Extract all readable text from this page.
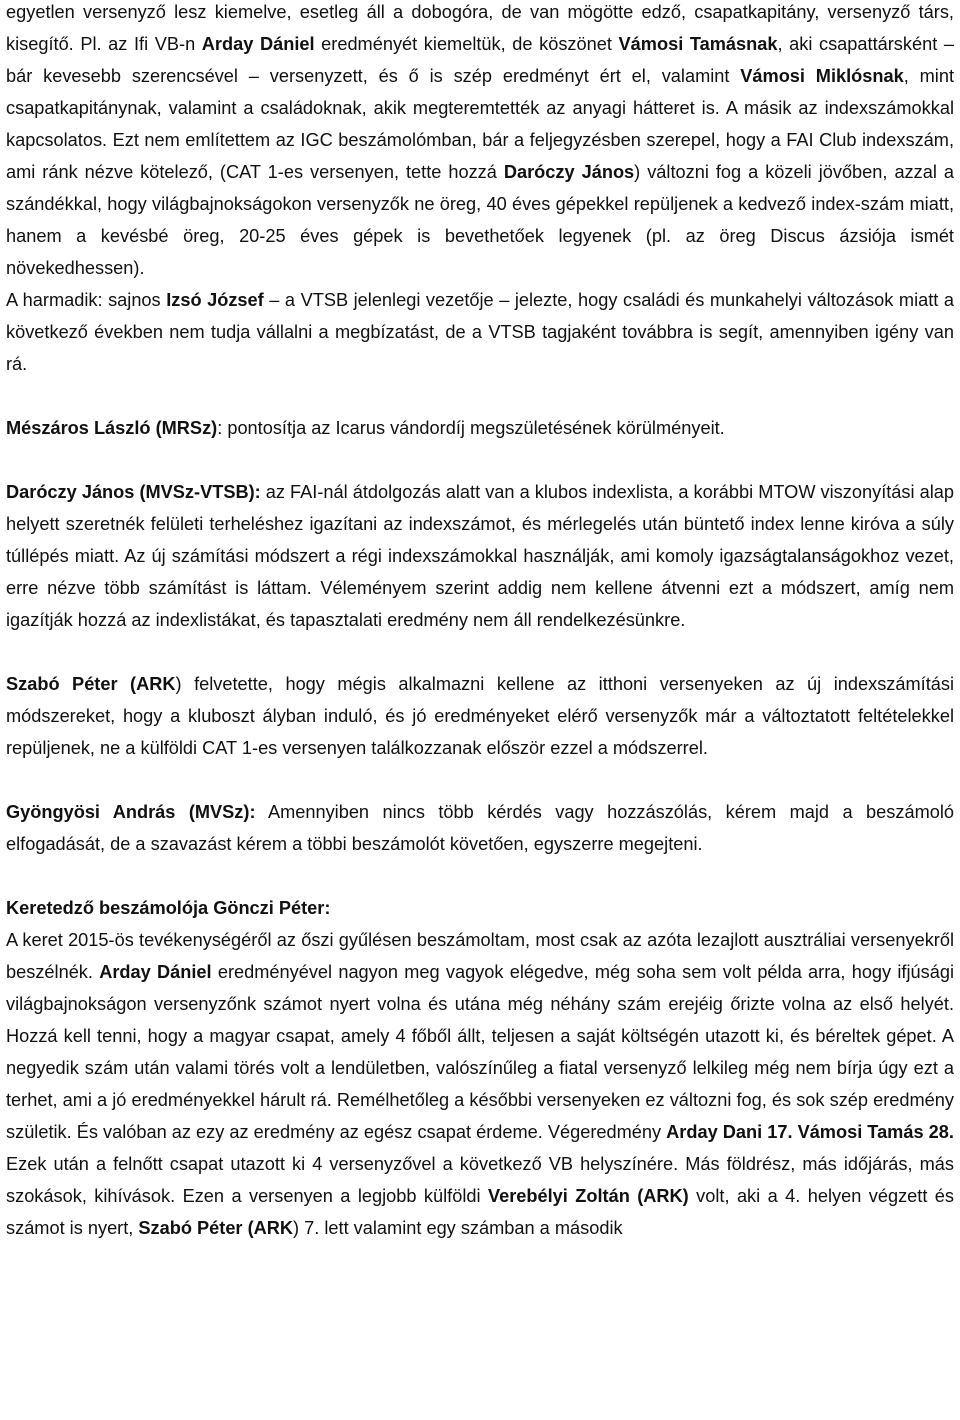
egyetlen versenyző lesz kiemelve, esetleg áll a dobogóra, de van mögötte edző, csapatkapitány, versenyző társ, kisegítő. Pl. az Ifi VB-n Arday Dániel eredményét kiemeltük, de köszönet Vámosi Tamásnak, aki csapattársként – bár kevesebb szerencsével – versenyzett, és ő is szép eredményt ért el, valamint Vámosi Miklósnak, mint csapatkapitánynak, valamint a családoknak, akik megteremtették az anyagi hátteret is. A másik az indexszámokkal kapcsolatos. Ezt nem említettem az IGC beszámolómban, bár a feljegyzésben szerepel, hogy a FAI Club indexszám, ami ránk nézve kötelező, (CAT 1-es versenyen, tette hozzá Daróczy János) változni fog a közeli jövőben, azzal a szándékkal, hogy világbajnokságokon versenyzők ne öreg, 40 éves gépekkel repüljenek a kedvező index-szám miatt, hanem a kevésbé öreg, 20-25 éves gépek is bevethetőek legyenek (pl. az öreg Discus ázsiója ismét növekedhessen).

A harmadik: sajnos Izsó József – a VTSB jelenlegi vezetője – jelezte, hogy családi és munkahelyi változások miatt a következő években nem tudja vállalni a megbízatást, de a VTSB tagjaként továbbra is segít, amennyiben igény van rá.

Mészáros László (MRSz): pontosítja az Icarus vándordíj megszületésének körülményeit.

Daróczy János (MVSz-VTSB): az FAI-nál átdolgozás alatt van a klubos indexlista, a korábbi MTOW viszonyítási alap helyett szeretnék felületi terheléshez igazítani az indexszámot, és mérlegelés után büntető index lenne kiróva a súly túllépés miatt. Az új számítási módszert a régi indexszámokkal használják, ami komoly igazságtalanságokhoz vezet, erre nézve több számítást is láttam. Véleményem szerint addig nem kellene átvenni ezt a módszert, amíg nem igazítják hozzá az indexlistákat, és tapasztalati eredmény nem áll rendelkezésünkre.

Szabó Péter (ARK) felvetette, hogy mégis alkalmazni kellene az itthoni versenyeken az új indexszámítási módszereket, hogy a kluboszt ályban induló, és jó eredményeket elérő versenyzők már a változtatott feltételekkel repüljenek, ne a külföldi CAT 1-es versenyen találkozzanak először ezzel a módszerrel.

Gyöngyösi András (MVSz): Amennyiben nincs több kérdés vagy hozzászólás, kérem majd a beszámoló elfogadását, de a szavazást kérem a többi beszámolót követően, egyszerre megejteni.

Keretedző beszámolója Gönczi Péter:

A keret 2015-ös tevékenységéről az őszi gyűlésen beszámoltam, most csak az azóta lezajlott ausztráliai versenyekről beszélnék. Arday Dániel eredményével nagyon meg vagyok elégedve, még soha sem volt példa arra, hogy ifjúsági világbajnokságon versenyzőnk számot nyert volna és utána még néhány szám erejéig őrizte volna az első helyét. Hozzá kell tenni, hogy a magyar csapat, amely 4 főből állt, teljesen a saját költségén utazott ki, és béreltek gépet. A negyedik szám után valami törés volt a lendületben, valószínűleg a fiatal versenyző lelkileg még nem bírja úgy ezt a terhet, ami a jó eredményekkel hárult rá. Remélhetőleg a későbbi versenyeken ez változni fog, és sok szép eredmény születik. És valóban az ezy az eredmény az egész csapat érdeme. Végeredmény Arday Dani 17. Vámosi Tamás 28.

Ezek után a felnőtt csapat utazott ki 4 versenyzővel a következő VB helyszínére. Más földrész, más időjárás, más szokások, kihívások. Ezen a versenyen a legjobb külföldi Verebélyi Zoltán (ARK) volt, aki a 4. helyen végzett és számot is nyert, Szabó Péter (ARK) 7. lett valamint egy számban a második
